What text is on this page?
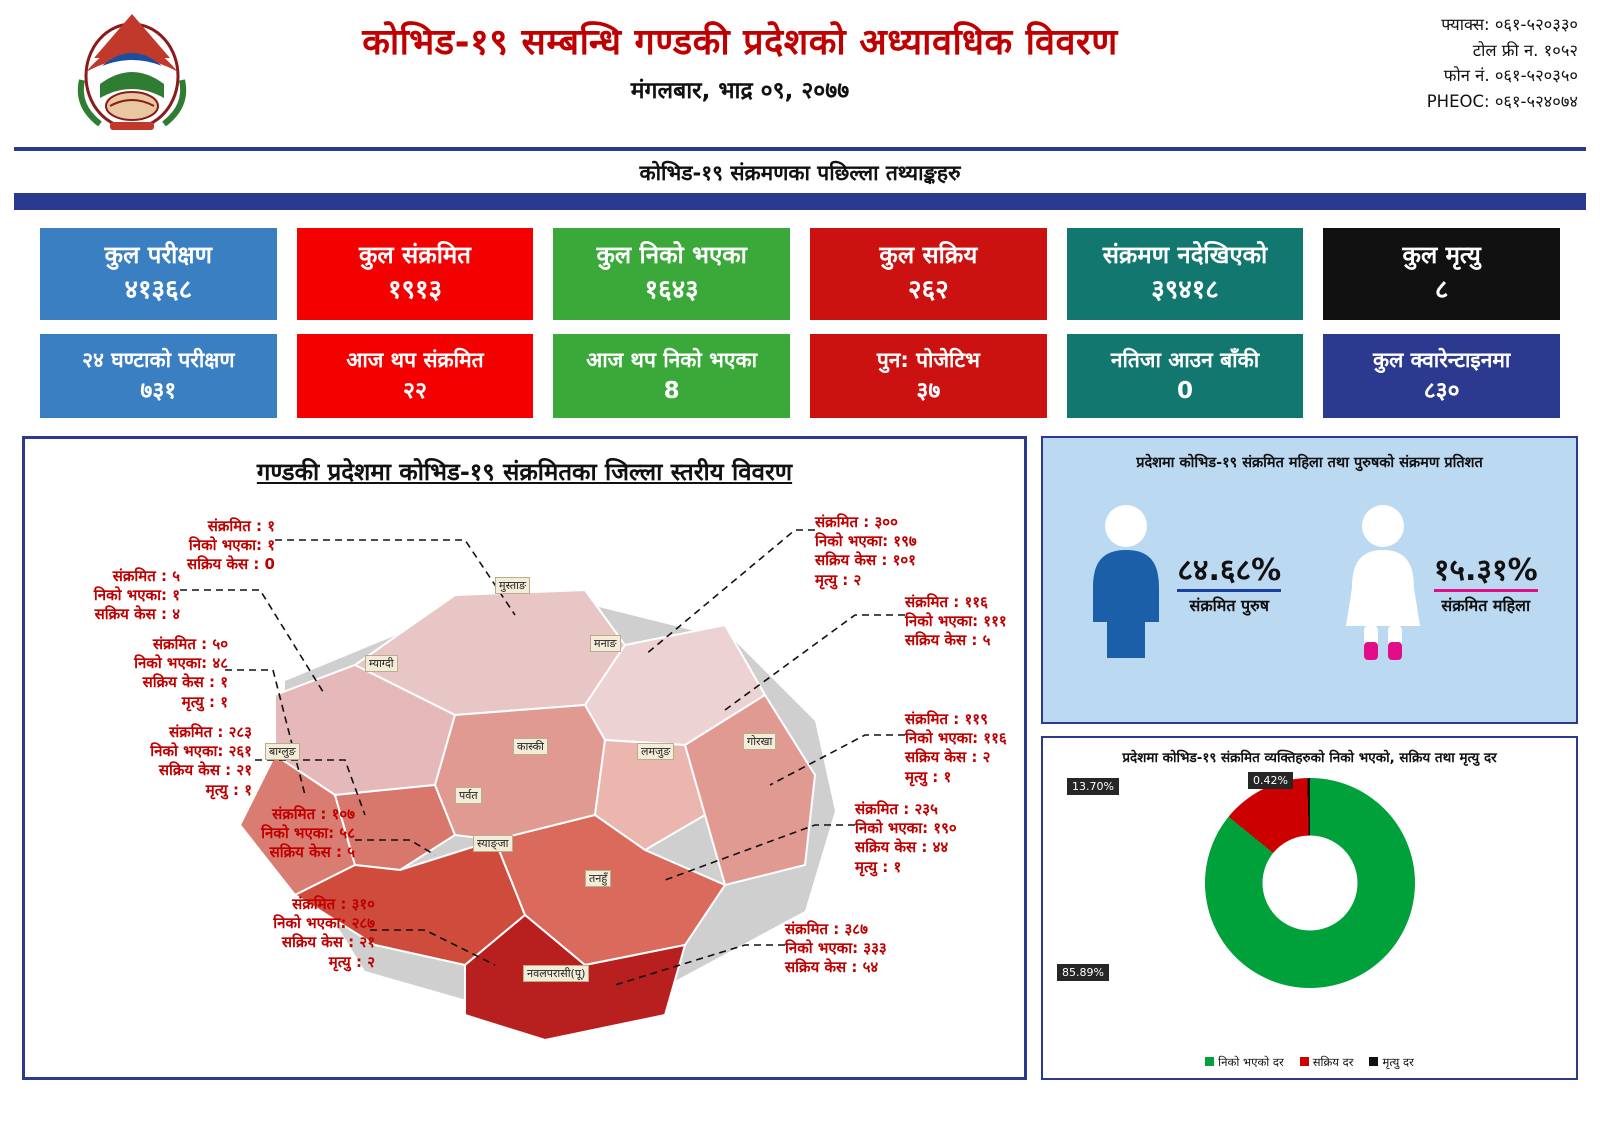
कोभिड-१९ सम्बन्धि गण्डकी प्रदेशको अध्यावधिक विवरण
मंगलबार, भाद्र ०९, २०७७
फ्याक्स: ०६१-५२०३३०
टोल फ्री न. १०५२
फोन नं. ०६१-५२०३५०
PHEOC: ०६१-५२४०७४
कोभिड-१९ संक्रमणका पछिल्ला तथ्याङ्कहरु
कुल परीक्षण
४१३६८
कुल संक्रमित
१९१३
कुल निको भएका
१६४३
कुल सक्रिय
२६२
संक्रमण नदेखिएको
३९४१८
कुल मृत्यु
८
२४ घण्टाको परीक्षण
७३१
आज थप संक्रमित
२२
आज थप निको भएका
8
पुन: पोजेटिभ
३७
नतिजा आउन बाँकी
0
कुल क्वारेन्टाइनमा
८३०
गण्डकी प्रदेशमा कोभिड-१९ संक्रमितका जिल्ला स्तरीय विवरण
मुस्ताङ
मनाङ
म्याग्दी
बाग्लुङ
पर्वत
कास्की	लमजुङ
गोरखा
स्याङ्जा
तनहुँ
नवलपरासी(पू)
संक्रमित : १
निको भएका: १
सक्रिय केस : 0
संक्रमित : ५
निको भएका: १
सक्रिय केस : ४
संक्रमित : ५०
निको भएका: ४८
सक्रिय केस : १
मृत्यु : १
संक्रमित : २८३
निको भएका: २६१
सक्रिय केस : २१
मृत्यु : १
संक्रमित : १०७
निको भएका: ५८
सक्रिय केस : ५
संक्रमित : ३१०
निको भएका: २८७
सक्रिय केस : २१
मृत्यु : २
संक्रमित : ३००
निको भएका: १९७
सक्रिय केस : १०१
मृत्यु : २
संक्रमित : ११६
निको भएका: १११
सक्रिय केस : ५
संक्रमित : ११९
निको भएका: ११६
सक्रिय केस : २
मृत्यु : १
संक्रमित : २३५
निको भएका: १९०
सक्रिय केस : ४४
मृत्यु : १
संक्रमित : ३८७
निको भएका: ३३३
सक्रिय केस : ५४
प्रदेशमा कोभिड-१९ संक्रमित महिला तथा पुरुषको संक्रमण प्रतिशत
८४.६८%
संक्रमित पुरुष
१५.३१%
संक्रमित महिला
प्रदेशमा कोभिड-१९ संक्रमित व्यक्तिहरुको निको भएको, सक्रिय तथा मृत्यु दर
13.70%	0.42%
85.89%
निको भएको दर	सक्रिय दर	मृत्यु दर
